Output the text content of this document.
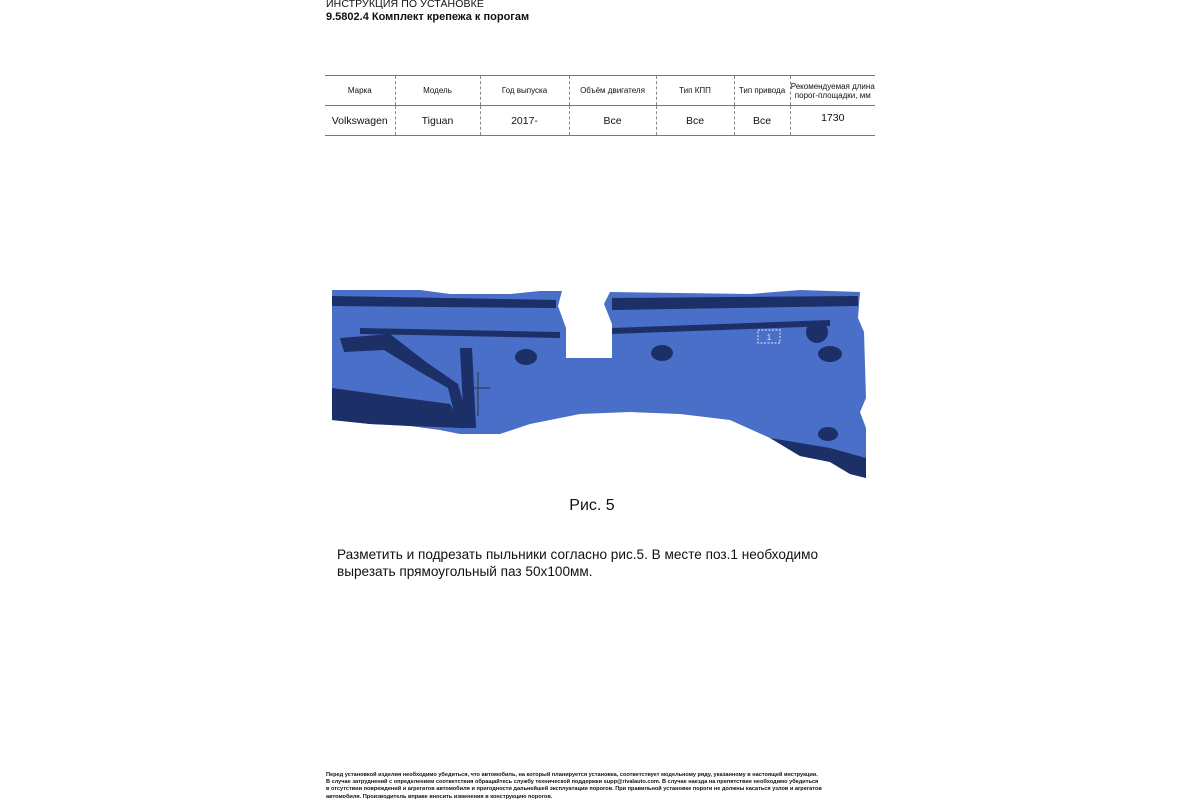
ИНСТРУКЦИЯ ПО УСТАНОВКЕ
9.5802.4 Комплект крепежа к порогам
Марка	Модель	Год выпуска	Объём двигателя	Тип КПП	Тип привода	Рекомендуемая длина порог-площадки, мм
Volkswagen	Tiguan	2017-	Все	Все	Все	1730
1
Рис. 5
Разметить и подрезать пыльники согласно рис.5. В месте поз.1 необходимо вырезать прямоугольный паз 50х100мм.
Перед установкой изделия необходимо убедиться, что автомобиль, на который планируется установка, соответствует модельному ряду, указанному в настоящей инструкции.
В случае затруднений с определением соответствия обращайтесь службу технической поддержки supp@rivalauto.com. В случае наезда на препятствие необходимо убедиться
в отсутствии повреждений и агрегатов автомобиля и пригодности дальнейшей эксплуатации порогов. При правильной установке пороги не должны касаться узлов и агрегатов
автомобиля. Производитель вправе вносить изменения в конструкцию порогов.
